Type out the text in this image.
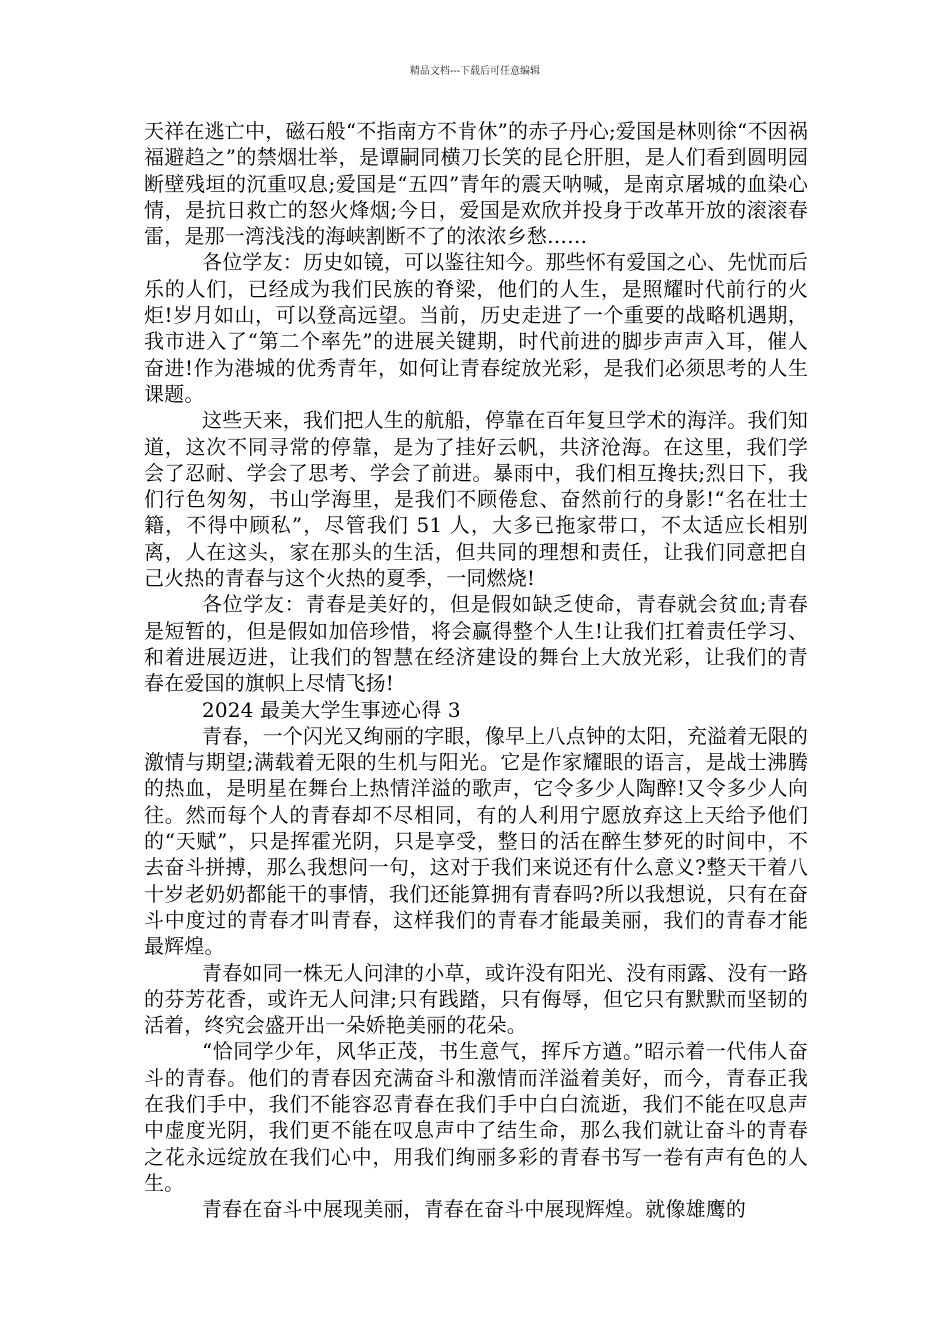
精品文档---下载后可任意编辑

天祥在逃亡中，磁石般“不指南方不肯休”的赤子丹心;爱国是林则徐“不因祸福避趋之”的禁烟壮举，是谭嗣同横刀长笑的昆仑肝胆，是人们看到圆明园断壁残垣的沉重叹息;爱国是“五四”青年的震天呐喊，是南京屠城的血染心情，是抗日救亡的怒火烽烟;今日，爱国是欢欣并投身于改革开放的滚滚春雷，是那一湾浅浅的海峡割断不了的浓浓乡愁……

各位学友：历史如镜，可以鉴往知今。那些怀有爱国之心、先忧而后乐的人们，已经成为我们民族的脊梁，他们的人生，是照耀时代前行的火炬!岁月如山，可以登高远望。当前，历史走进了一个重要的战略机遇期，我市进入了“第二个率先”的进展关键期，时代前进的脚步声声入耳，催人奋进!作为港城的优秀青年，如何让青春绽放光彩，是我们必须思考的人生课题。

这些天来，我们把人生的航船，停靠在百年复旦学术的海洋。我们知道，这次不同寻常的停靠，是为了挂好云帆，共济沧海。在这里，我们学会了忍耐、学会了思考、学会了前进。暴雨中，我们相互搀扶;烈日下，我们行色匆匆，书山学海里，是我们不顾倦怠、奋然前行的身影!“名在壮士籍，不得中顾私”，尽管我们 51 人，大多已拖家带口，不太适应长相别离，人在这头，家在那头的生活，但共同的理想和责任，让我们同意把自己火热的青春与这个火热的夏季，一同燃烧!

各位学友：青春是美好的，但是假如缺乏使命，青春就会贫血;青春是短暂的，但是假如加倍珍惜，将会赢得整个人生!让我们扛着责任学习、和着进展迈进，让我们的智慧在经济建设的舞台上大放光彩，让我们的青春在爱国的旗帜上尽情飞扬!

2024 最美大学生事迹心得 3

青春，一个闪光又绚丽的字眼，像早上八点钟的太阳，充溢着无限的激情与期望;满载着无限的生机与阳光。它是作家耀眼的语言，是战士沸腾的热血，是明星在舞台上热情洋溢的歌声，它令多少人陶醉!又令多少人向往。然而每个人的青春却不尽相同，有的人利用宁愿放弃这上天给予他们的“天赋”，只是挥霍光阴，只是享受，整日的活在醉生梦死的时间中，不去奋斗拼搏，那么我想问一句，这对于我们来说还有什么意义?整天干着八十岁老奶奶都能干的事情，我们还能算拥有青春吗?所以我想说，只有在奋斗中度过的青春才叫青春，这样我们的青春才能最美丽，我们的青春才能最辉煌。

青春如同一株无人问津的小草，或许没有阳光、没有雨露、没有一路的芬芳花香，或许无人问津;只有践踏，只有侮辱，但它只有默默而坚韧的活着，终究会盛开出一朵娇艳美丽的花朵。

“恰同学少年，风华正茂，书生意气，挥斥方遒。”昭示着一代伟人奋斗的青春。他们的青春因充满奋斗和激情而洋溢着美好，而今，青春正我在我们手中，我们不能容忍青春在我们手中白白流逝，我们不能在叹息声中虚度光阴，我们更不能在叹息声中了结生命，那么我们就让奋斗的青春之花永远绽放在我们心中，用我们绚丽多彩的青春书写一卷有声有色的人生。

青春在奋斗中展现美丽，青春在奋斗中展现辉煌。就像雄鹰的
